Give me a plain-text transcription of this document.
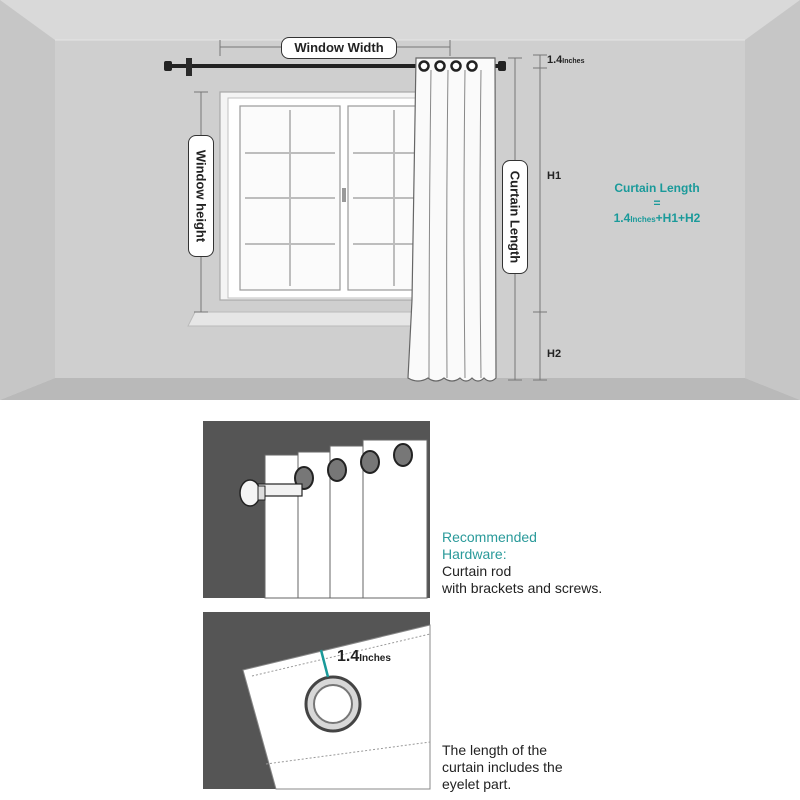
Window Width
Window height	Curtain Length
1.4Inches
H1
H2
Curtain Length
=
1.4Inches+H1+H2
Recommended
Hardware:
Curtain rod
with brackets and screws.
1.4Inches
The length of the
curtain includes the
eyelet part.
